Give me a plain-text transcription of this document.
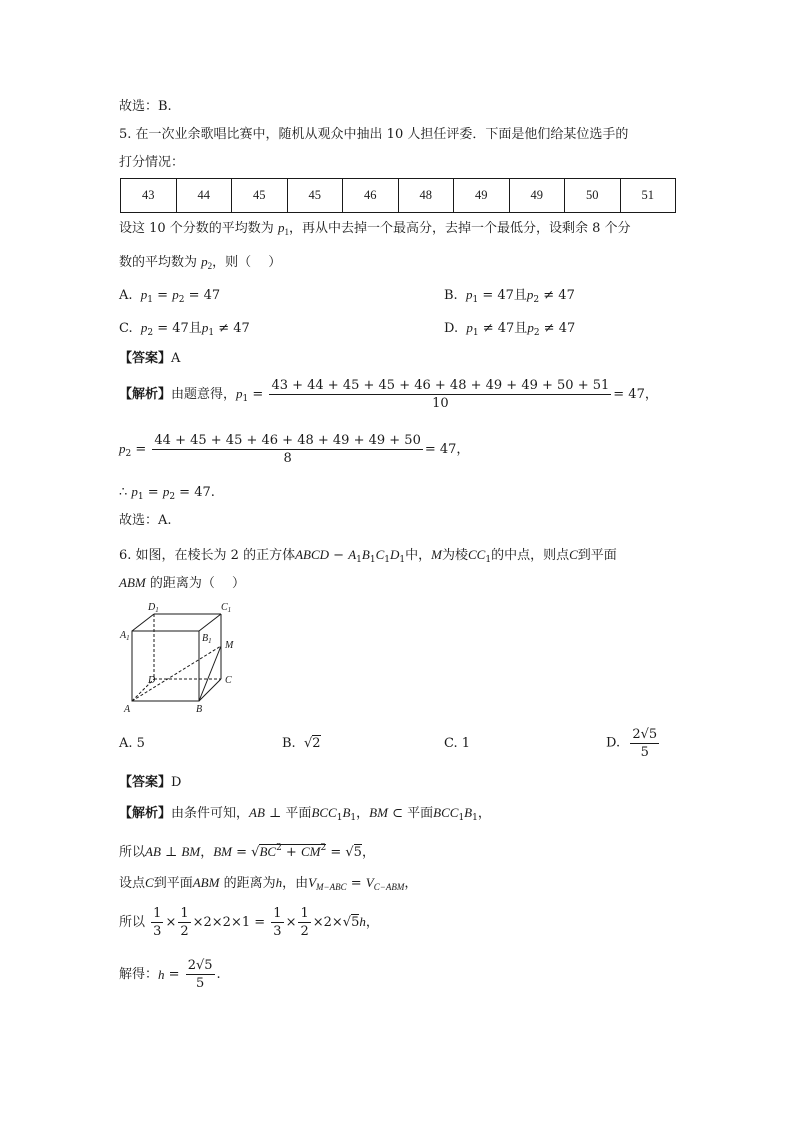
故选：B.
5. 在一次业余歌唱比赛中，随机从观众中抽出 10 人担任评委．下面是他们给某位选手的
打分情况：
43	44	45	45	46	48	49	49	50	51
设这 10 个分数的平均数为 $p_1$，再从中去掉一个最高分，去掉一个最低分，设剩余 8 个分
数的平均数为 $p_2$，则（　 ）
A. $p_1 = p_2 = 47$	B. $p_1 = 47$且$p_2 \ne 47$
C. $p_2 = 47$且$p_1 \ne 47$	D. $p_1 \ne 47$且$p_2 \ne 47$
【答案】A
【解析】由题意得，$p_1 = \frac{43 + 44 + 45 + 45 + 46 + 48 + 49 + 49 + 50 + 51}{10} = 47$，
$p_2 = \frac{44 + 45 + 45 + 46 + 48 + 49 + 49 + 50}{8} = 47$，
∴ $p_1 = p_2 = 47$.
故选：A.
6. 如图，在棱长为 2 的正方体ABCD − $A_1B_1C_1D_1$中，M为棱$CC_1$的中点，则点C到平面
ABM 的距离为（　 ）
$D_1$	$C_1$
$A_1$	$B_1$ M
D	C
A	B
A. 5	B.  √2	C. 1	D. $\frac{2√5}{5}$
【答案】D
【解析】由条件可知，AB ⊥ 平面$BCC_1B_1$，BM ⊂ 平面$BCC_1B_1$，
所以AB ⊥ BM，BM = $√BC^2 + CM^2 = √5$，
设点C到平面ABM 的距离为h，由$V_{M-ABC} = V_{C-ABM}$，
所以 $\frac{1}{3} \times \frac{1}{2} \times 2\times 2\times 1 = \frac{1}{3} \times \frac{1}{2} \times 2\times√5h$，
解得：$h = \frac{2√5}{5}$ .
